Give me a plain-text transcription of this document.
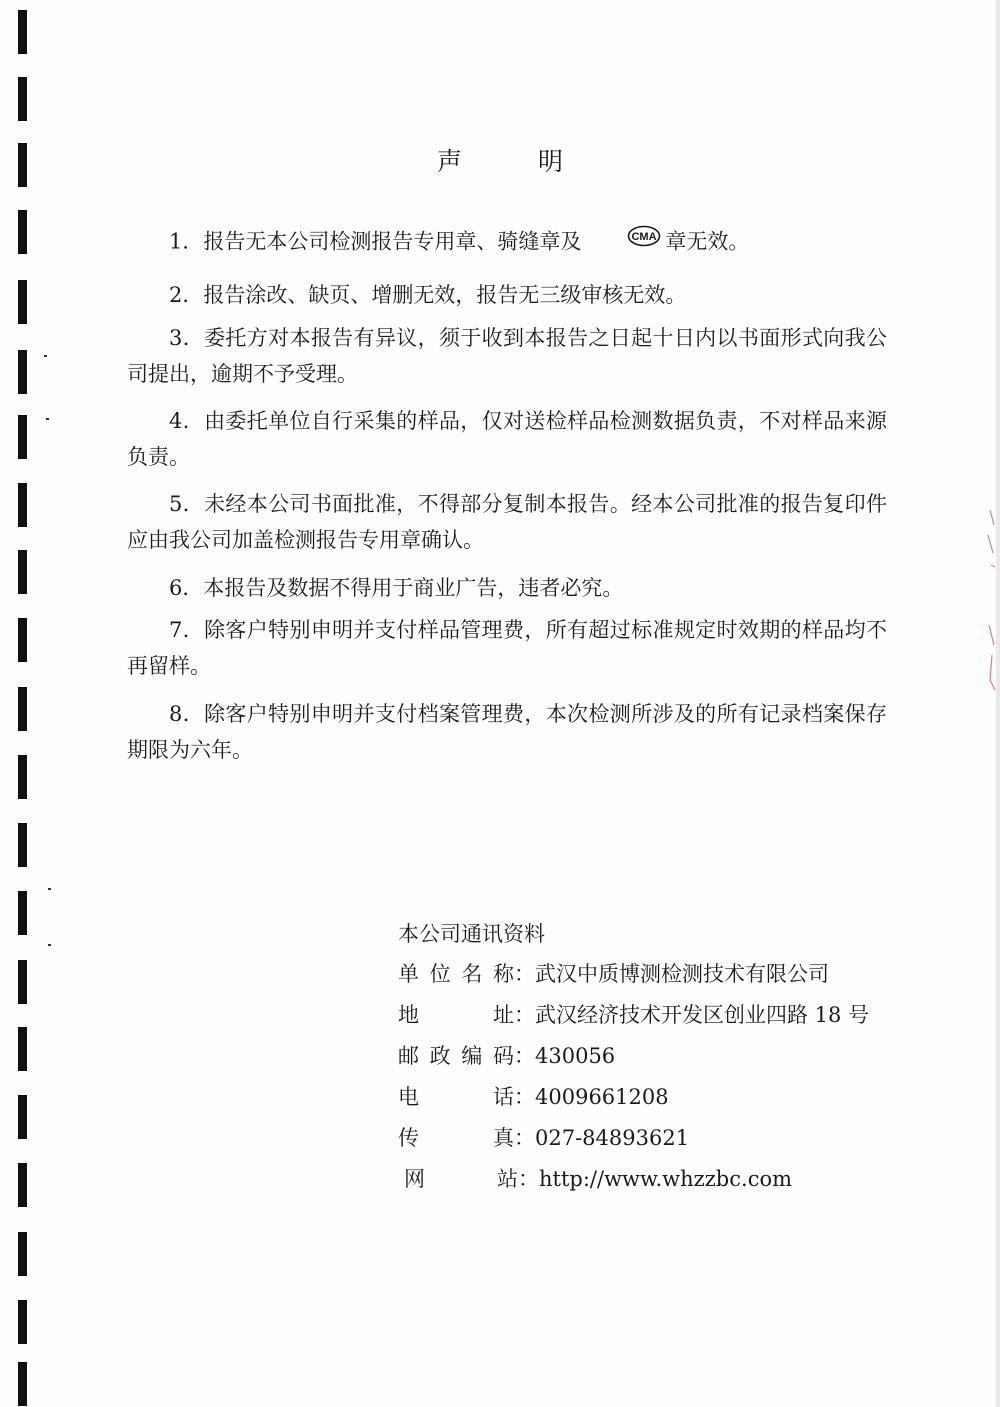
声 明
1．报告无本公司检测报告专用章、骑缝章及	CMA 章无效。
2．报告涂改、缺页、增删无效，报告无三级审核无效。
3．委托方对本报告有异议，须于收到本报告之日起十日内以书面形式向我公司提出，逾期不予受理。
4．由委托单位自行采集的样品，仅对送检样品检测数据负责，不对样品来源负责。
5．未经本公司书面批准，不得部分复制本报告。经本公司批准的报告复印件应由我公司加盖检测报告专用章确认。
6．本报告及数据不得用于商业广告，违者必究。
7．除客户特别申明并支付样品管理费，所有超过标准规定时效期的样品均不再留样。
8．除客户特别申明并支付档案管理费，本次检测所涉及的所有记录档案保存期限为六年。
本公司通讯资料
单位名称：武汉中质博测检测技术有限公司
地址：武汉经济技术开发区创业四路 18 号
邮政编码：430056
电话：4009661208
传真：027-84893621
网站：http://www.whzzbc.com
